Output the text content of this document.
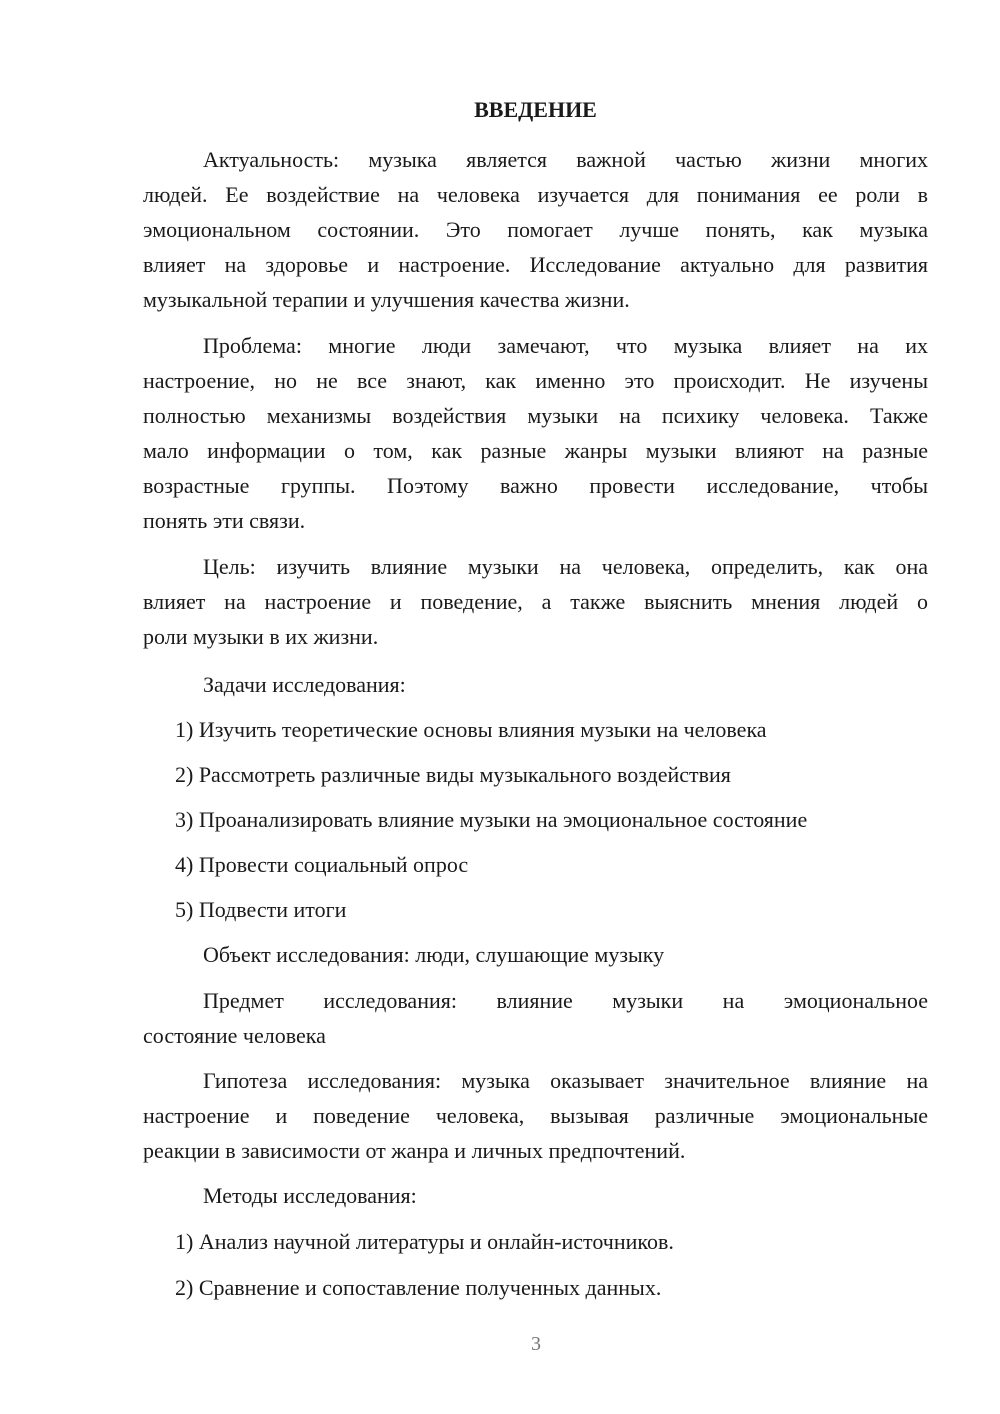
ВВЕДЕНИЕ
Актуальность: музыка является важной частью жизни многих
людей. Ее воздействие на человека изучается для понимания ее роли в
эмоциональном состоянии. Это помогает лучше понять, как музыка
влияет на здоровье и настроение. Исследование актуально для развития
музыкальной терапии и улучшения качества жизни.
Проблема: многие люди замечают, что музыка влияет на их
настроение, но не все знают, как именно это происходит. Не изучены
полностью механизмы воздействия музыки на психику человека. Также
мало информации о том, как разные жанры музыки влияют на разные
возрастные группы. Поэтому важно провести исследование, чтобы
понять эти связи.
Цель: изучить влияние музыки на человека, определить, как она
влияет на настроение и поведение, а также выяснить мнения людей о
роли музыки в их жизни.
Задачи исследования:
1) Изучить теоретические основы влияния музыки на человека
2) Рассмотреть различные виды музыкального воздействия
3) Проанализировать влияние музыки на эмоциональное состояние
4) Провести социальный опрос
5) Подвести итоги
Объект исследования: люди, слушающие музыку
Предмет исследования: влияние музыки на эмоциональное
состояние человека
Гипотеза исследования: музыка оказывает значительное влияние на
настроение и поведение человека, вызывая различные эмоциональные
реакции в зависимости от жанра и личных предпочтений.
Методы исследования:
1) Анализ научной литературы и онлайн-источников.
2) Сравнение и сопоставление полученных данных.
3
